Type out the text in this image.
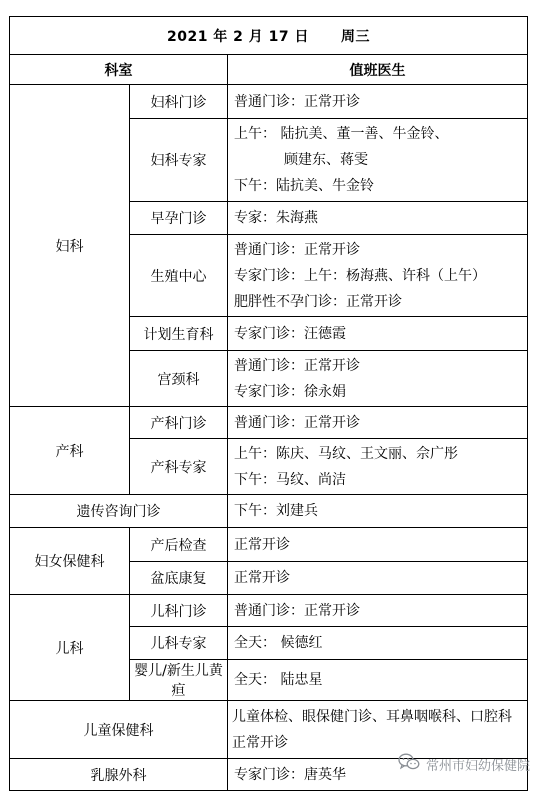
2021 年 2 月 17 日 周三		
科室		值班医生
妇科	妇科门诊	普通门诊：正常开诊

	妇科专家	上午： 陆抗美、董一善、牛金铃、
顾建东、蒋雯
下午：陆抗美、牛金铃

	早孕门诊	专家：朱海燕

	生殖中心	普通门诊：正常开诊
专家门诊：上午：杨海燕、许科（上午）
肥胖性不孕门诊：正常开诊

	计划生育科	专家门诊：汪德霞

	宫颈科	普通门诊：正常开诊
专家门诊：徐永娟

产科	产科门诊	普通门诊：正常开诊

	产科专家	上午：陈庆、马纹、王文丽、佘广彤
下午：马纹、尚洁

遗传咨询门诊		下午：刘建兵

妇女保健科	产后检查	正常开诊

	盆底康复	正常开诊

儿科	儿科门诊	普通门诊：正常开诊

	儿科专家	全天： 候德红

	婴儿/新生儿黄疸	全天： 陆忠星

儿童保健科		儿童体检、眼保健门诊、耳鼻咽喉科、口腔科
正常开诊

乳腺外科		专家门诊：唐英华
常州市妇幼保健院
